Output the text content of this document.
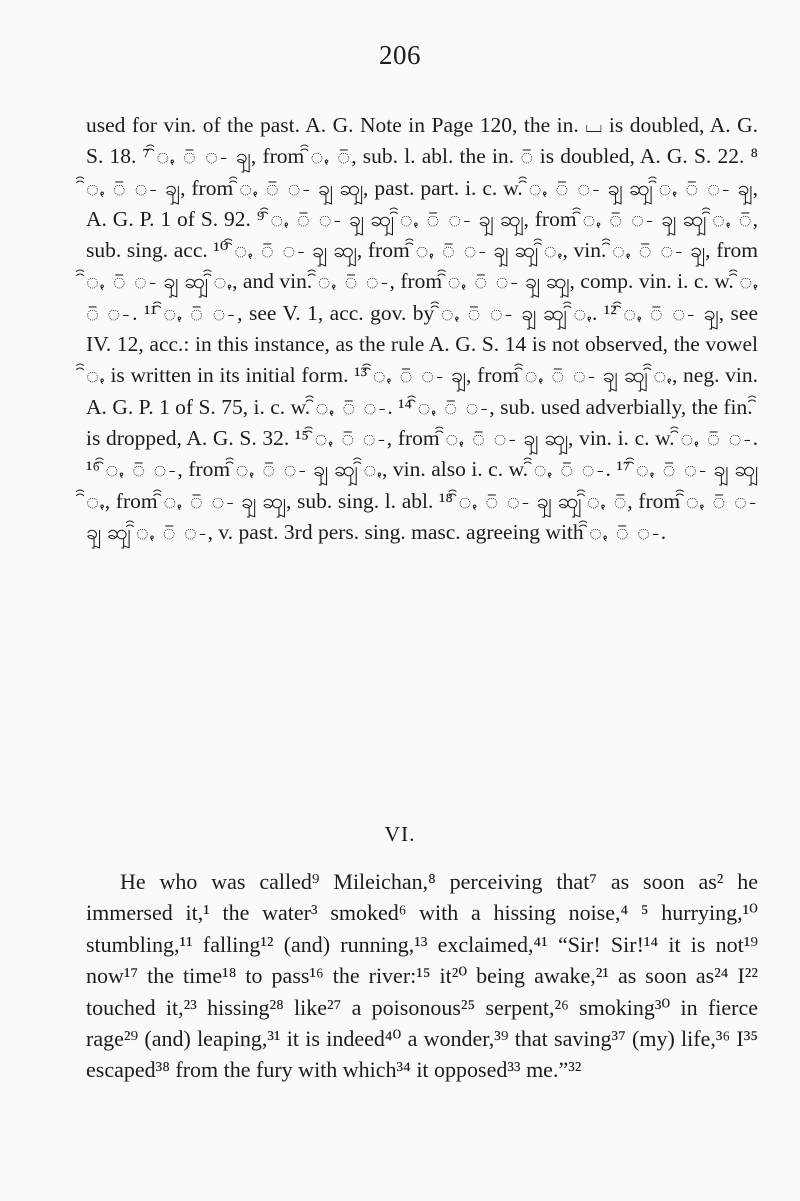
206

used for vin. of the past. A. G. Note in Page 120, the in. ⌴ is doubled, A. G. S. 18. ⁷ ꩰꩻ ꩼ ꩽ ꩾ, from ꩰꩻ ꩼ, sub. l. abl. the in. ꩼ is doubled, A. G. S. 22. ⁸ ꩰꩻ ꩼ ꩽ ꩾ, from ꩰꩻ ꩼ ꩽ ꩾ ꩿ, past. part. i. c. w. ꩰꩻ ꩼ ꩽ ꩾ ꩿ ꩰꩻ ꩼ ꩽ ꩾ, A. G. P. 1 of S. 92. ⁹ ꩰꩻ ꩼ ꩽ ꩾ ꩿ ꩰꩻ ꩼ ꩽ ꩾ ꩿ, from ꩰꩻ ꩼ ꩽ ꩾ ꩿ ꩰꩻ ꩼ, sub. sing. acc. ¹⁰ ꩰꩻ ꩼ ꩽ ꩾ ꩿ, from ꩰꩻ ꩼ ꩽ ꩾ ꩿ ꩰꩻ, vin. ꩰꩻ ꩼ ꩽ ꩾ, from ꩰꩻ ꩼ ꩽ ꩾ ꩿ ꩰꩻ, and vin. ꩰꩻ ꩼ ꩽ, from ꩰꩻ ꩼ ꩽ ꩾ ꩿ, comp. vin. i. c. w. ꩰꩻ ꩼ ꩽ. ¹¹ ꩰꩻ ꩼ ꩽ, see V. 1, acc. gov. by ꩰꩻ ꩼ ꩽ ꩾ ꩿ ꩰꩻ. ¹² ꩰꩻ ꩼ ꩽ ꩾ, see IV. 12, acc.: in this instance, as the rule A. G. S. 14 is not observed, the vowel ꩰꩻ is written in its initial form. ¹³ ꩰꩻ ꩼ ꩽ ꩾ, from ꩰꩻ ꩼ ꩽ ꩾ ꩿ ꩰꩻ, neg. vin. A. G. P. 1 of S. 75, i. c. w. ꩰꩻ ꩼ ꩽ. ¹⁴ ꩰꩻ ꩼ ꩽ, sub. used adverbially, the fin. ꩰ is dropped, A. G. S. 32. ¹⁵ ꩰꩻ ꩼ ꩽ, from ꩰꩻ ꩼ ꩽ ꩾ ꩿ, vin. i. c. w. ꩰꩻ ꩼ ꩽ. ¹⁶ ꩰꩻ ꩼ ꩽ, from ꩰꩻ ꩼ ꩽ ꩾ ꩿ ꩰꩻ, vin. also i. c. w. ꩰꩻ ꩼ ꩽ. ¹⁷ ꩰꩻ ꩼ ꩽ ꩾ ꩿ ꩰꩻ, from ꩰꩻ ꩼ ꩽ ꩾ ꩿ, sub. sing. l. abl. ¹⁸ ꩰꩻ ꩼ ꩽ ꩾ ꩿ ꩰꩻ ꩼ, from ꩰꩻ ꩼ ꩽ ꩾ ꩿ ꩰꩻ ꩼ ꩽ, v. past. 3rd pers. sing. masc. agreeing with ꩰꩻ ꩼ ꩽ.

VI.

He who was called⁹ Mileichan,⁸ perceiving that⁷ as soon as² he immersed it,¹ the water³ smoked⁶ with a hissing noise,⁴ ⁵ hurrying,¹⁰ stumbling,¹¹ falling¹² (and) running,¹³ exclaimed,⁴¹ “Sir! Sir!¹⁴ it is not¹⁹ now¹⁷ the time¹⁸ to pass¹⁶ the river:¹⁵ it²⁰ being awake,²¹ as soon as²⁴ I²² touched it,²³ hissing²⁸ like²⁷ a poisonous²⁵ serpent,²⁶ smoking³⁰ in fierce rage²⁹ (and) leaping,³¹ it is indeed⁴⁰ a wonder,³⁹ that saving³⁷ (my) life,³⁶ I³⁵ escaped³⁸ from the fury with which³⁴ it opposed³³ me.”³²
